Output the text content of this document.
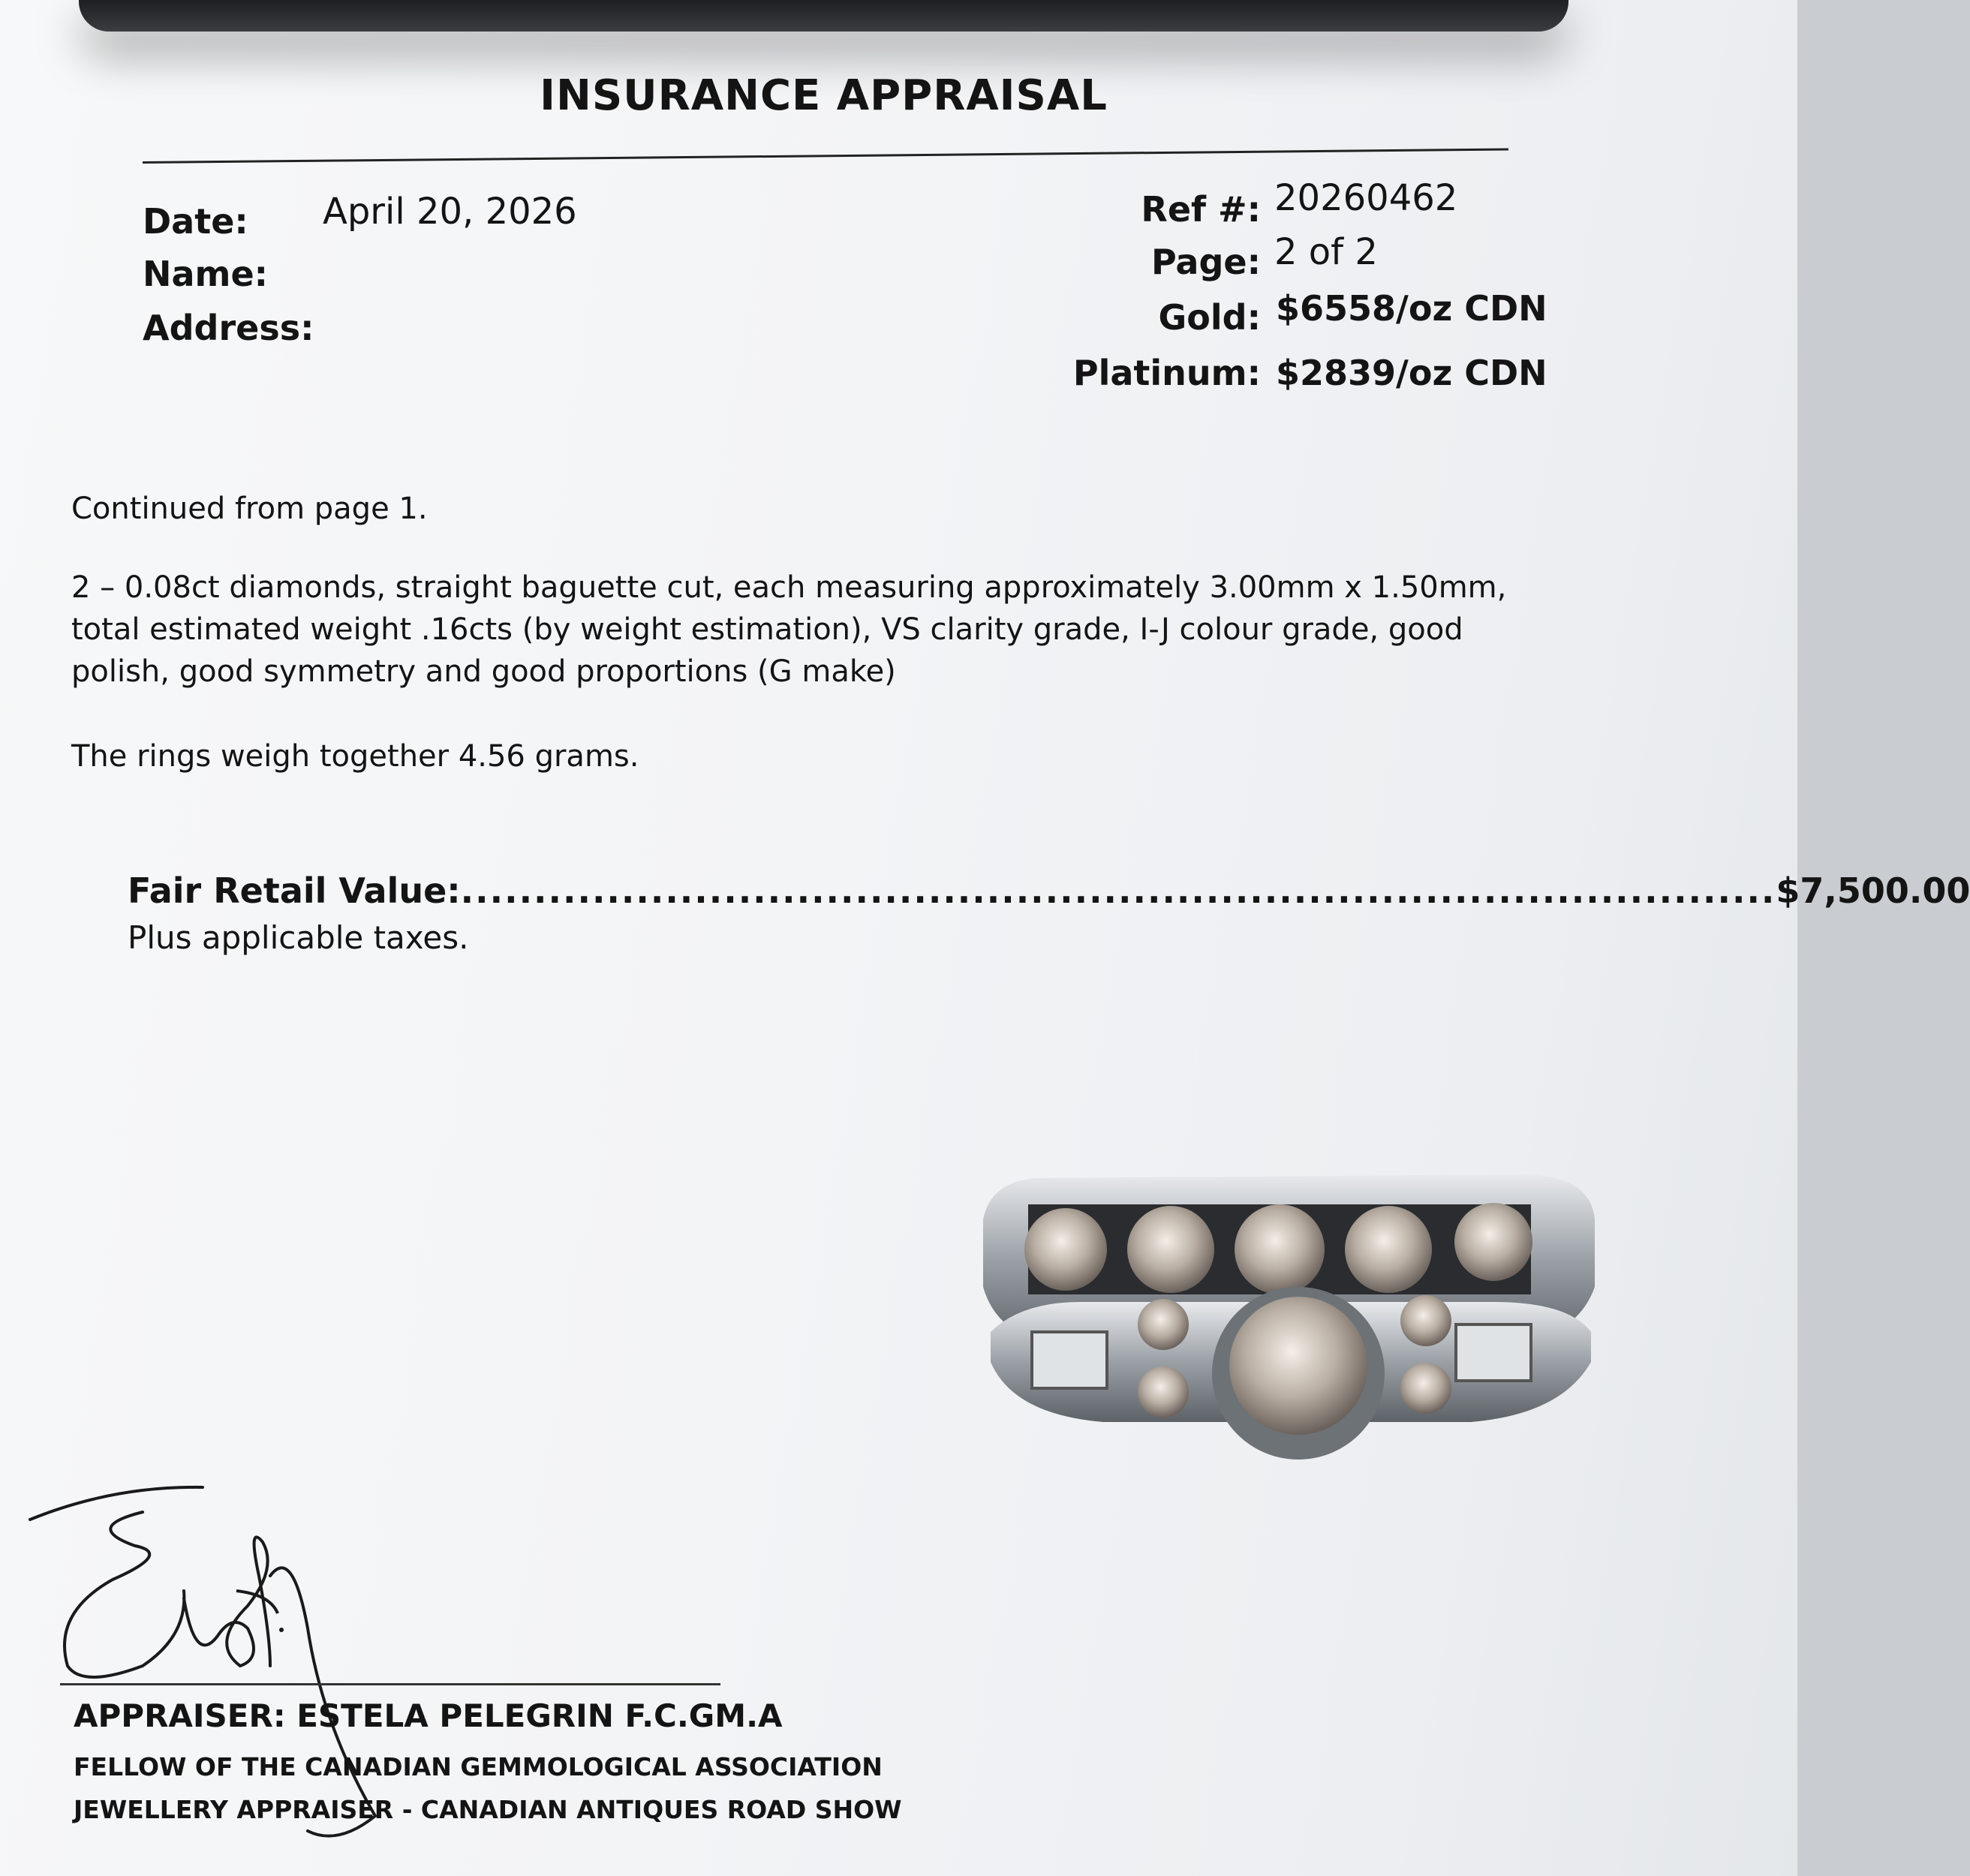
INSURANCE APPRAISAL
Date: April 20, 2026
Name:
Address:
Ref #: 20260462
Page: 2 of 2
Gold: $6558/oz CDN
Platinum: $2839/oz CDN
Continued from page 1.
2 – 0.08ct diamonds, straight baguette cut, each measuring approximately 3.00mm x 1.50mm, total estimated weight .16cts (by weight estimation), VS clarity grade, I-J colour grade, good polish, good symmetry and good proportions (G make)
The rings weigh together 4.56 grams.
Fair Retail Value: .......................................................................................... $7,500.00
Plus applicable taxes.
APPRAISER: ESTELA PELEGRIN F.C.GM.A
FELLOW OF THE CANADIAN GEMMOLOGICAL ASSOCIATION
JEWELLERY APPRAISER - CANADIAN ANTIQUES ROAD SHOW
